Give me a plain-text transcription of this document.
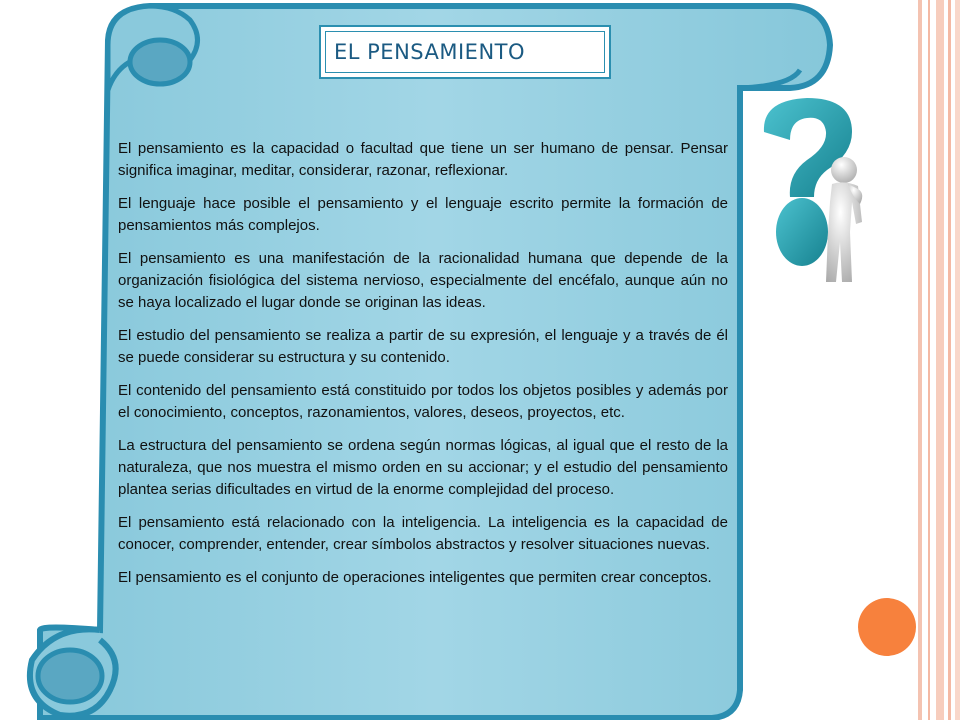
EL PENSAMIENTO

El pensamiento es la capacidad o facultad que tiene un ser humano de pensar. Pensar significa imaginar, meditar, considerar, razonar, reflexionar.

El lenguaje hace posible el pensamiento y el lenguaje escrito permite la formación de pensamientos más complejos.

El pensamiento es una manifestación de la racionalidad humana que depende de la organización fisiológica del sistema nervioso, especialmente del encéfalo, aunque aún no se haya localizado el lugar donde se originan las ideas.

El estudio del pensamiento se realiza a partir de su expresión, el lenguaje y a través de él se puede considerar su estructura y su contenido.

El contenido del pensamiento está constituido por todos los objetos posibles y además por el conocimiento, conceptos, razonamientos, valores, deseos, proyectos, etc.

La estructura del pensamiento se ordena según normas lógicas, al igual que el resto de la naturaleza, que nos muestra el mismo orden en su accionar; y el estudio del pensamiento plantea serias dificultades en virtud de la enorme complejidad del proceso.

El pensamiento está relacionado con la inteligencia. La inteligencia es la capacidad de conocer, comprender, entender, crear símbolos abstractos y resolver situaciones nuevas.

El pensamiento es el conjunto de operaciones inteligentes que permiten crear conceptos.
